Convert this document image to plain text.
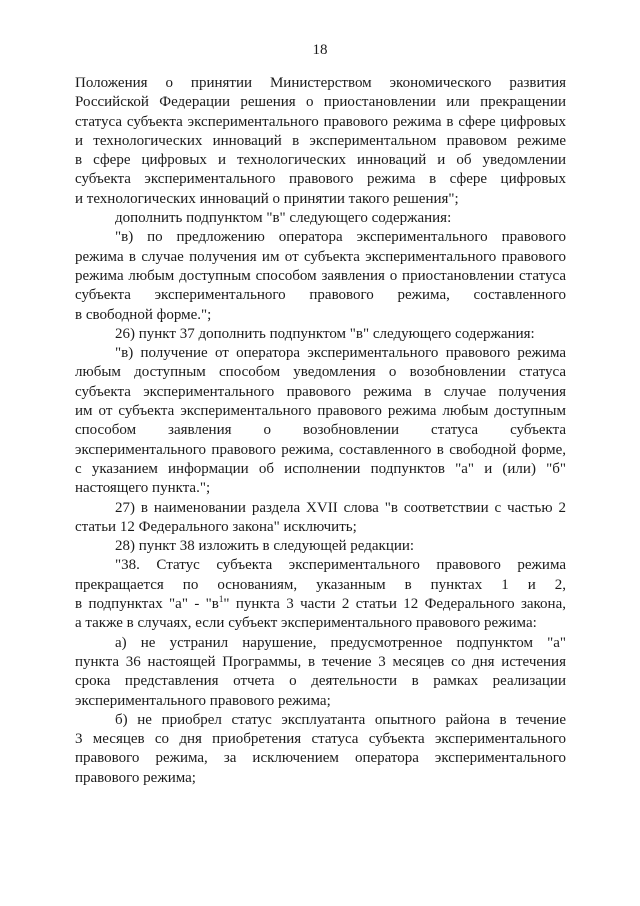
18
Положения о принятии Министерством экономического развития
Российской Федерации решения о приостановлении или прекращении
статуса субъекта экспериментального правового режима в сфере цифровых
и технологических инноваций в экспериментальном правовом режиме
в сфере цифровых и технологических инноваций и об уведомлении
субъекта экспериментального правового режима в сфере цифровых
и технологических инноваций о принятии такого решения";
дополнить подпунктом "в" следующего содержания:
"в) по предложению оператора экспериментального правового
режима в случае получения им от субъекта экспериментального правового
режима любым доступным способом заявления о приостановлении статуса
субъекта экспериментального правового режима, составленного
в свободной форме.";
26) пункт 37 дополнить подпунктом "в" следующего содержания:
"в) получение от оператора экспериментального правового режима
любым доступным способом уведомления о возобновлении статуса
субъекта экспериментального правового режима в случае получения
им от субъекта экспериментального правового режима любым доступным
способом заявления о возобновлении статуса субъекта
экспериментального правового режима, составленного в свободной форме,
с указанием информации об исполнении подпунктов "а" и (или) "б"
настоящего пункта.";
27) в наименовании раздела XVII слова "в соответствии с частью 2
статьи 12 Федерального закона" исключить;
28) пункт 38 изложить в следующей редакции:
"38. Статус субъекта экспериментального правового режима
прекращается по основаниям, указанным в пунктах 1 и 2,
в подпунктах "а" - "$в^1$" пункта 3 части 2 статьи 12 Федерального закона,
а также в случаях, если субъект экспериментального правового режима:
а) не устранил нарушение, предусмотренное подпунктом "а"
пункта 36 настоящей Программы, в течение 3 месяцев со дня истечения
срока представления отчета о деятельности в рамках реализации
экспериментального правового режима;
б) не приобрел статус эксплуатанта опытного района в течение
3 месяцев со дня приобретения статуса субъекта экспериментального
правового режима, за исключением оператора экспериментального
правового режима;
